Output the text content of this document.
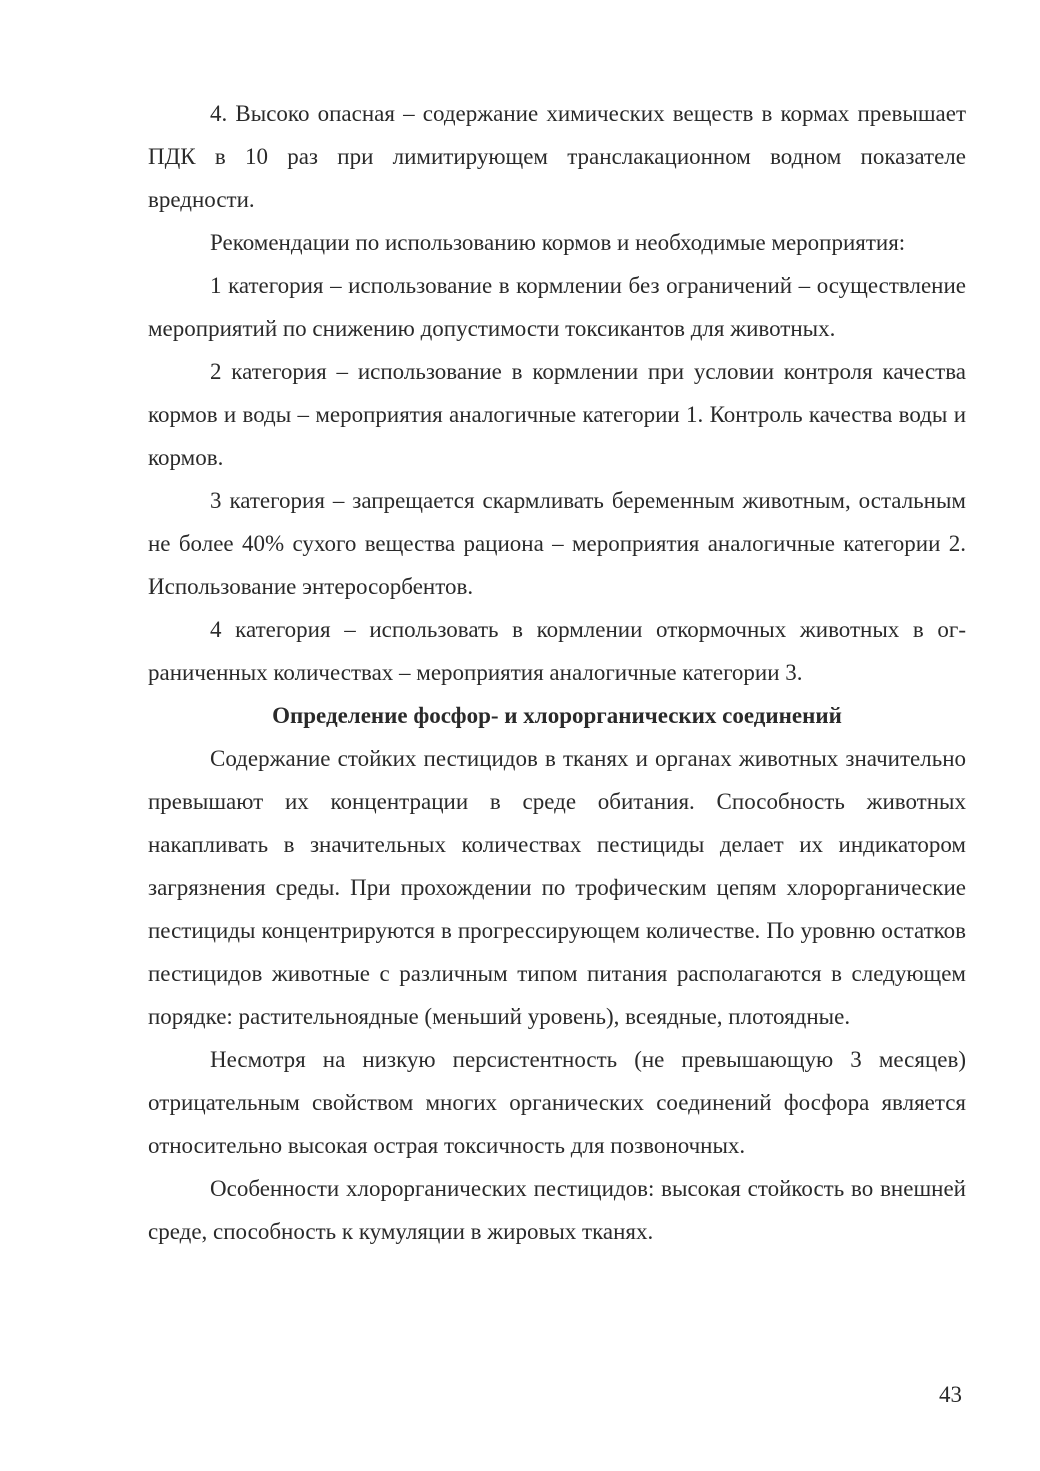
4. Высоко опасная – содержание химических веществ в кормах превышает ПДК в 10 раз при лимитирующем транслакационном водном показателе вредности.

Рекомендации по использованию кормов и необходимые мероприятия:

1 категория – использование в кормлении без ограничений – осуществление мероприятий по снижению допустимости токсикантов для животных.

2 категория – использование в кормлении при условии контроля качества кормов и воды – мероприятия аналогичные категории 1. Контроль качества воды и кормов.

3 категория – запрещается скармливать беременным животным, остальным не более 40% сухого вещества рациона – мероприятия аналогичные категории 2. Использование энтеросорбентов.

4 категория – использовать в кормлении откормочных животных в ограниченных количествах – мероприятия аналогичные категории 3.

Определение фосфор- и хлорорганических соединений

Содержание стойких пестицидов в тканях и органах животных значительно превышают их концентрации в среде обитания. Способность животных накапливать в значительных количествах пестициды делает их индикатором загрязнения среды. При прохождении по трофическим цепям хлорорганические пестициды концентрируются в прогрессирующем количестве. По уровню остатков пестицидов животные с различным типом питания располагаются в следующем порядке: растительноядные (меньший уровень), всеядные, плотоядные.

Несмотря на низкую персистентность (не превышающую 3 месяцев) отрицательным свойством многих органических соединений фосфора является относительно высокая острая токсичность для позвоночных.

Особенности хлорорганических пестицидов: высокая стойкость во внешней среде, способность к кумуляции в жировых тканях.

43
